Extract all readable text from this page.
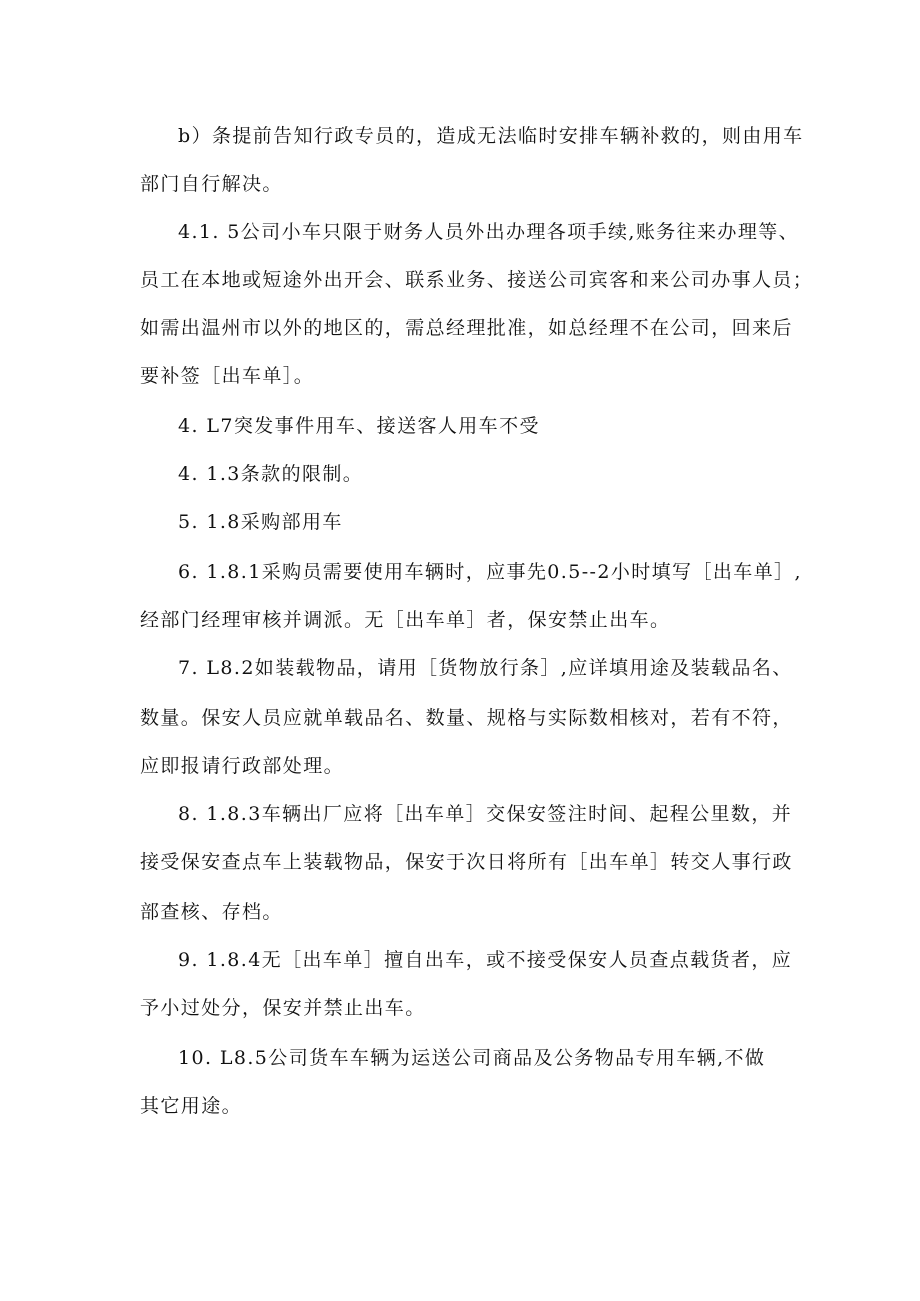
b）条提前告知行政专员的，造成无法临时安排车辆补救的，则由用车
部门自行解决。
4.1. 5公司小车只限于财务人员外出办理各项手续,账务往来办理等、
员工在本地或短途外出开会、联系业务、接送公司宾客和来公司办事人员；
如需出温州市以外的地区的，需总经理批准，如总经理不在公司，回来后
要补签［出车单］。
4. L7突发事件用车、接送客人用车不受
4. 1.3条款的限制。
5. 1.8采购部用车
6. 1.8.1采购员需要使用车辆时，应事先0.5--2小时填写［出车单］,
经部门经理审核并调派。无［出车单］者，保安禁止出车。
7. L8.2如装载物品，请用［货物放行条］,应详填用途及装载品名、
数量。保安人员应就单载品名、数量、规格与实际数相核对，若有不符，
应即报请行政部处理。
8. 1.8.3车辆出厂应将［出车单］交保安签注时间、起程公里数，并
接受保安查点车上装载物品，保安于次日将所有［出车单］转交人事行政
部查核、存档。
9. 1.8.4无［出车单］擅自出车，或不接受保安人员查点载货者，应
予小过处分，保安并禁止出车。
10. L8.5公司货车车辆为运送公司商品及公务物品专用车辆,不做
其它用途。
